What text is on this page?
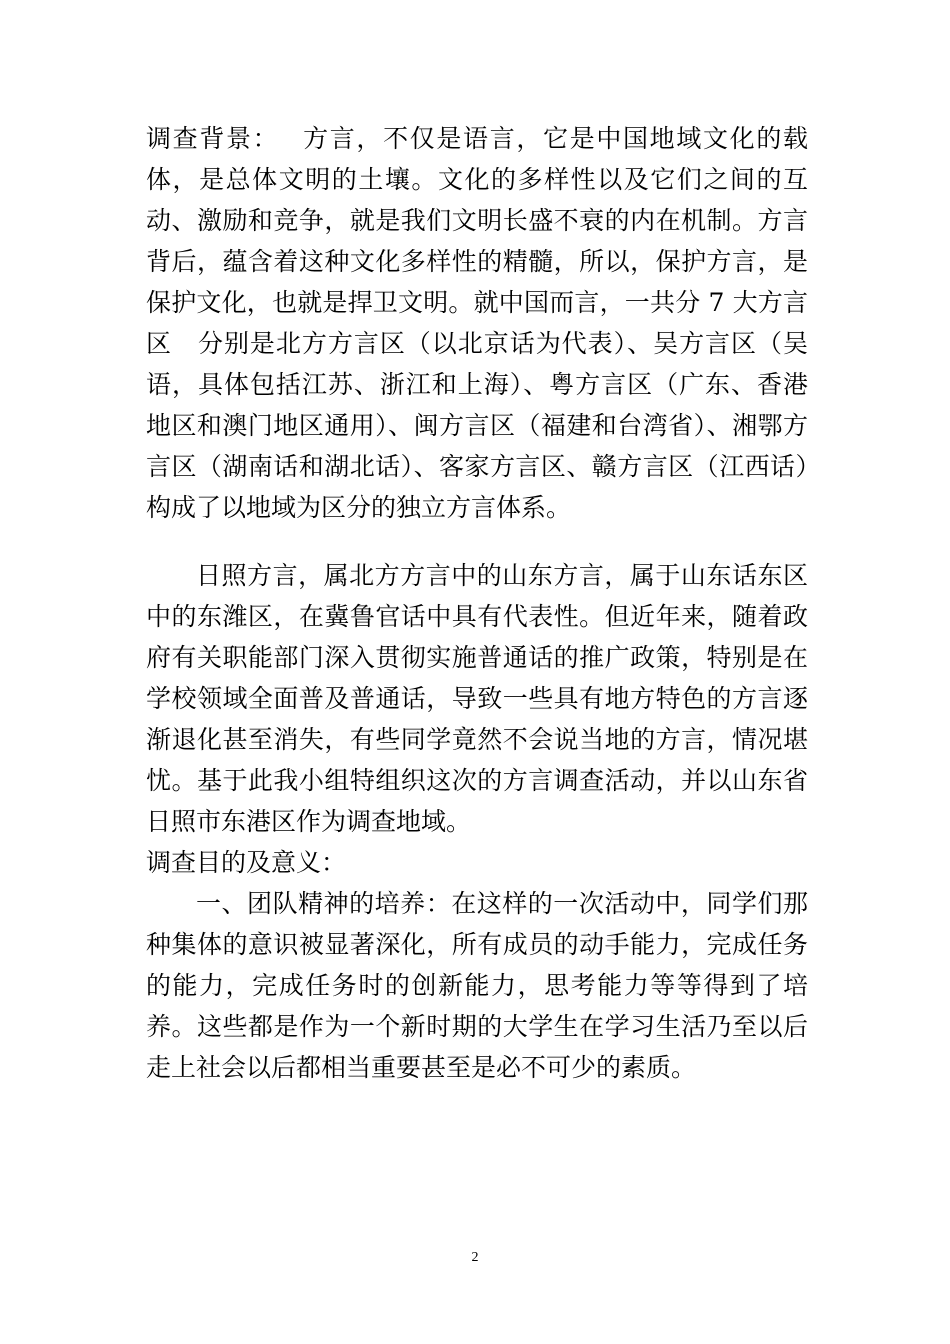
调查背景：　 方言，不仅是语言，它是中国地域文化的载体，是总体文明的土壤。文化的多样性以及它们之间的互动、激励和竞争，就是我们文明长盛不衰的内在机制。方言背后，蕴含着这种文化多样性的精髓，所以，保护方言，是保护文化，也就是捍卫文明。就中国而言，一共分 7 大方言区　分别是北方方言区（以北京话为代表）、吴方言区（吴语，具体包括江苏、浙江和上海）、粤方言区（广东、香港地区和澳门地区通用）、闽方言区（福建和台湾省）、湘鄂方言区（湖南话和湖北话）、客家方言区、赣方言区（江西话）构成了以地域为区分的独立方言体系。

日照方言，属北方方言中的山东方言，属于山东话东区中的东潍区，在冀鲁官话中具有代表性。但近年来，随着政府有关职能部门深入贯彻实施普通话的推广政策，特别是在学校领域全面普及普通话，导致一些具有地方特色的方言逐渐退化甚至消失，有些同学竟然不会说当地的方言，情况堪忧。基于此我小组特组织这次的方言调查活动，并以山东省日照市东港区作为调查地域。

调查目的及意义：

一、团队精神的培养：在这样的一次活动中，同学们那种集体的意识被显著深化，所有成员的动手能力，完成任务的能力，完成任务时的创新能力，思考能力等等得到了培养。这些都是作为一个新时期的大学生在学习生活乃至以后走上社会以后都相当重要甚至是必不可少的素质。

2
